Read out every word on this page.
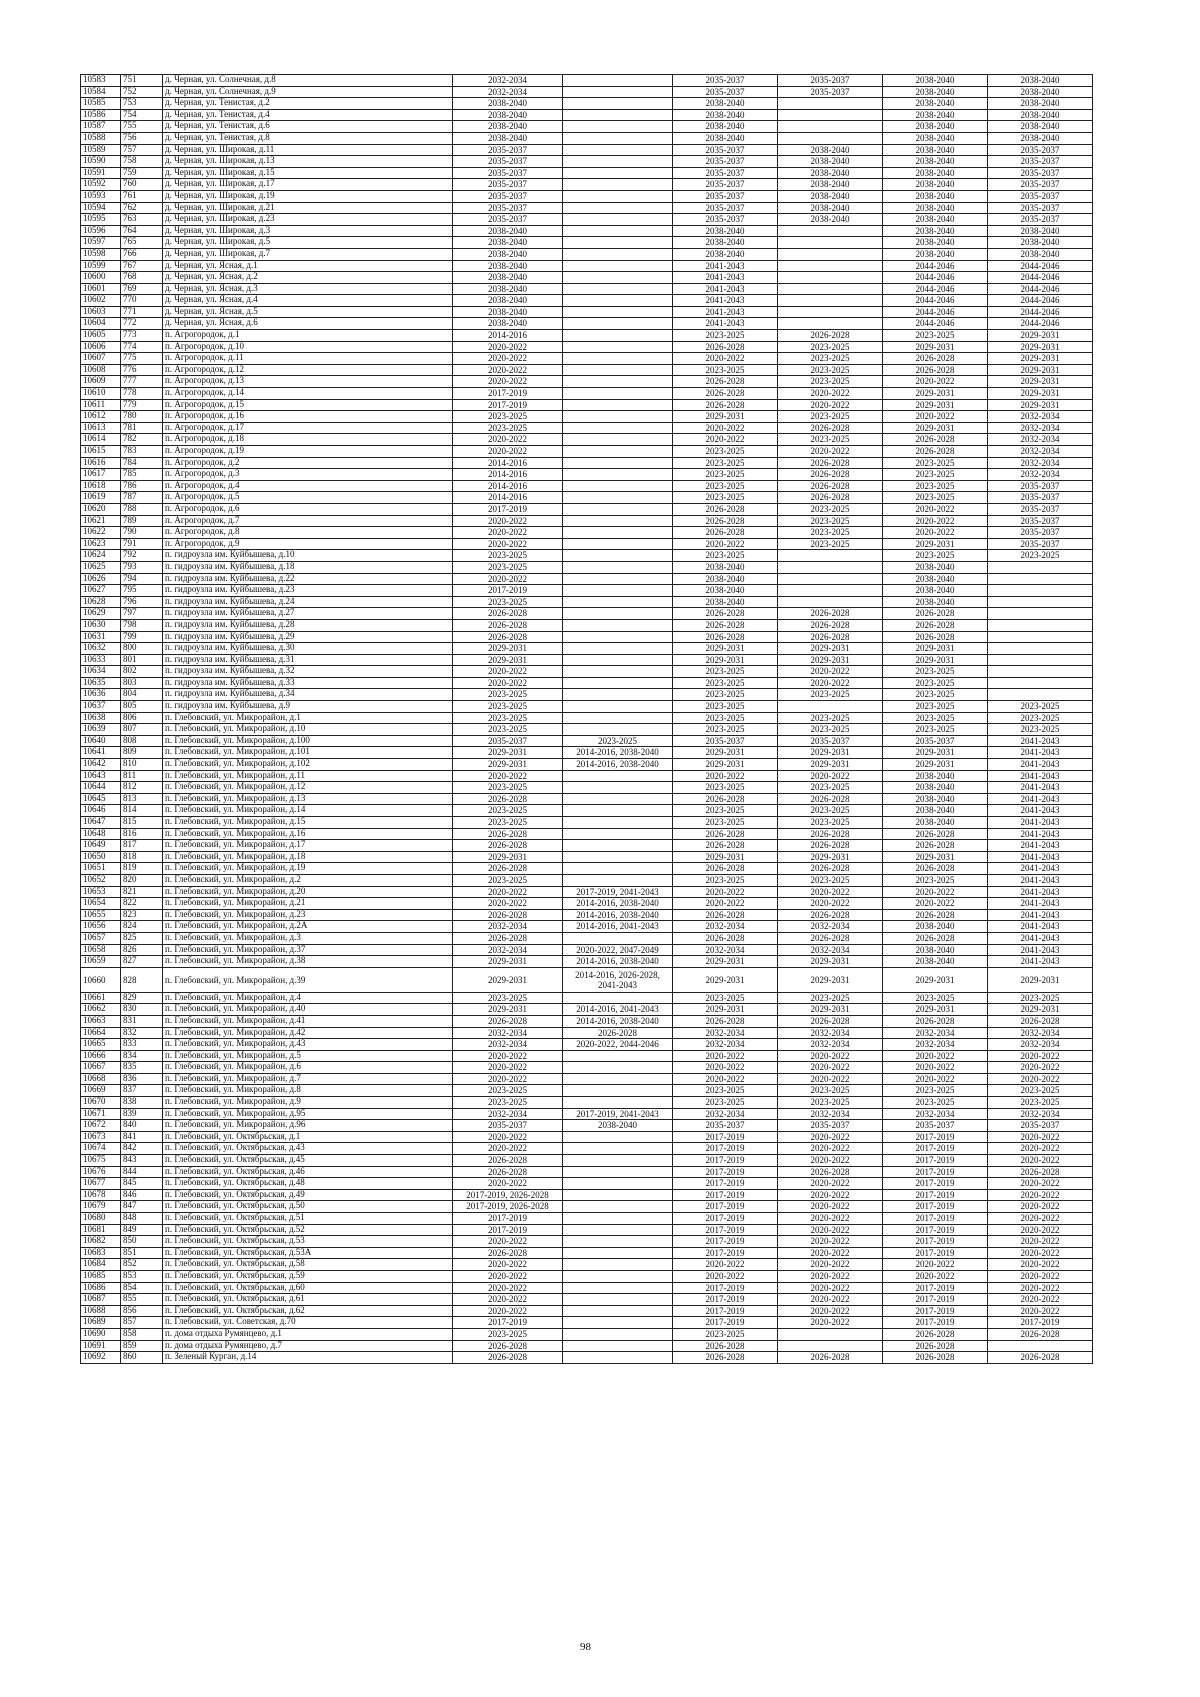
10583	751	д. Черная, ул. Солнечная, д.8	2032-2034		2035-2037	2035-2037	2038-2040	2038-2040
10584	752	д. Черная, ул. Солнечная, д.9	2032-2034		2035-2037	2035-2037	2038-2040	2038-2040
10585	753	д. Черная, ул. Тенистая, д.2	2038-2040		2038-2040		2038-2040	2038-2040
10586	754	д. Черная, ул. Тенистая, д.4	2038-2040		2038-2040		2038-2040	2038-2040
10587	755	д. Черная, ул. Тенистая, д.6	2038-2040		2038-2040		2038-2040	2038-2040
10588	756	д. Черная, ул. Тенистая, д.8	2038-2040		2038-2040		2038-2040	2038-2040
10589	757	д. Черная, ул. Широкая, д.11	2035-2037		2035-2037	2038-2040	2038-2040	2035-2037
10590	758	д. Черная, ул. Широкая, д.13	2035-2037		2035-2037	2038-2040	2038-2040	2035-2037
10591	759	д. Черная, ул. Широкая, д.15	2035-2037		2035-2037	2038-2040	2038-2040	2035-2037
10592	760	д. Черная, ул. Широкая, д.17	2035-2037		2035-2037	2038-2040	2038-2040	2035-2037
10593	761	д. Черная, ул. Широкая, д.19	2035-2037		2035-2037	2038-2040	2038-2040	2035-2037
10594	762	д. Черная, ул. Широкая, д.21	2035-2037		2035-2037	2038-2040	2038-2040	2035-2037
10595	763	д. Черная, ул. Широкая, д.23	2035-2037		2035-2037	2038-2040	2038-2040	2035-2037
10596	764	д. Черная, ул. Широкая, д.3	2038-2040		2038-2040		2038-2040	2038-2040
10597	765	д. Черная, ул. Широкая, д.5	2038-2040		2038-2040		2038-2040	2038-2040
10598	766	д. Черная, ул. Широкая, д.7	2038-2040		2038-2040		2038-2040	2038-2040
10599	767	д. Черная, ул. Ясная, д.1	2038-2040		2041-2043		2044-2046	2044-2046
10600	768	д. Черная, ул. Ясная, д.2	2038-2040		2041-2043		2044-2046	2044-2046
10601	769	д. Черная, ул. Ясная, д.3	2038-2040		2041-2043		2044-2046	2044-2046
10602	770	д. Черная, ул. Ясная, д.4	2038-2040		2041-2043		2044-2046	2044-2046
10603	771	д. Черная, ул. Ясная, д.5	2038-2040		2041-2043		2044-2046	2044-2046
10604	772	д. Черная, ул. Ясная, д.6	2038-2040		2041-2043		2044-2046	2044-2046
10605	773	п. Агрогородок, д.1	2014-2016		2023-2025	2026-2028	2023-2025	2029-2031
10606	774	п. Агрогородок, д.10	2020-2022		2026-2028	2023-2025	2029-2031	2029-2031
10607	775	п. Агрогородок, д.11	2020-2022		2020-2022	2023-2025	2026-2028	2029-2031
10608	776	п. Агрогородок, д.12	2020-2022		2023-2025	2023-2025	2026-2028	2029-2031
10609	777	п. Агрогородок, д.13	2020-2022		2026-2028	2023-2025	2020-2022	2029-2031
10610	778	п. Агрогородок, д.14	2017-2019		2026-2028	2020-2022	2029-2031	2029-2031
10611	779	п. Агрогородок, д.15	2017-2019		2026-2028	2020-2022	2029-2031	2029-2031
10612	780	п. Агрогородок, д.16	2023-2025		2029-2031	2023-2025	2020-2022	2032-2034
10613	781	п. Агрогородок, д.17	2023-2025		2020-2022	2026-2028	2029-2031	2032-2034
10614	782	п. Агрогородок, д.18	2020-2022		2020-2022	2023-2025	2026-2028	2032-2034
10615	783	п. Агрогородок, д.19	2020-2022		2023-2025	2020-2022	2026-2028	2032-2034
10616	784	п. Агрогородок, д.2	2014-2016		2023-2025	2026-2028	2023-2025	2032-2034
10617	785	п. Агрогородок, д.3	2014-2016		2023-2025	2026-2028	2023-2025	2032-2034
10618	786	п. Агрогородок, д.4	2014-2016		2023-2025	2026-2028	2023-2025	2035-2037
10619	787	п. Агрогородок, д.5	2014-2016		2023-2025	2026-2028	2023-2025	2035-2037
10620	788	п. Агрогородок, д.6	2017-2019		2026-2028	2023-2025	2020-2022	2035-2037
10621	789	п. Агрогородок, д.7	2020-2022		2026-2028	2023-2025	2020-2022	2035-2037
10622	790	п. Агрогородок, д.8	2020-2022		2026-2028	2023-2025	2020-2022	2035-2037
10623	791	п. Агрогородок, д.9	2020-2022		2020-2022	2023-2025	2029-2031	2035-2037
10624	792	п. гидроузла им. Куйбышева, д.10	2023-2025		2023-2025		2023-2025	2023-2025
10625	793	п. гидроузла им. Куйбышева, д.18	2023-2025		2038-2040		2038-2040	
10626	794	п. гидроузла им. Куйбышева, д.22	2020-2022		2038-2040		2038-2040	
10627	795	п. гидроузла им. Куйбышева, д.23	2017-2019		2038-2040		2038-2040	
10628	796	п. гидроузла им. Куйбышева, д.24	2023-2025		2038-2040		2038-2040	
10629	797	п. гидроузла им. Куйбышева, д.27	2026-2028		2026-2028	2026-2028	2026-2028	
10630	798	п. гидроузла им. Куйбышева, д.28	2026-2028		2026-2028	2026-2028	2026-2028	
10631	799	п. гидроузла им. Куйбышева, д.29	2026-2028		2026-2028	2026-2028	2026-2028	
10632	800	п. гидроузла им. Куйбышева, д.30	2029-2031		2029-2031	2029-2031	2029-2031	
10633	801	п. гидроузла им. Куйбышева, д.31	2029-2031		2029-2031	2029-2031	2029-2031	
10634	802	п. гидроузла им. Куйбышева, д.32	2020-2022		2023-2025	2020-2022	2023-2025	
10635	803	п. гидроузла им. Куйбышева, д.33	2020-2022		2023-2025	2020-2022	2023-2025	
10636	804	п. гидроузла им. Куйбышева, д.34	2023-2025		2023-2025	2023-2025	2023-2025	
10637	805	п. гидроузла им. Куйбышева, д.9	2023-2025		2023-2025		2023-2025	2023-2025
10638	806	п. Глебовский, ул. Микрорайон, д.1	2023-2025		2023-2025	2023-2025	2023-2025	2023-2025
10639	807	п. Глебовский, ул. Микрорайон, д.10	2023-2025		2023-2025	2023-2025	2023-2025	2023-2025
10640	808	п. Глебовский, ул. Микрорайон, д.100	2035-2037	2023-2025	2035-2037	2035-2037	2035-2037	2041-2043
10641	809	п. Глебовский, ул. Микрорайон, д.101	2029-2031	2014-2016, 2038-2040	2029-2031	2029-2031	2029-2031	2041-2043
10642	810	п. Глебовский, ул. Микрорайон, д.102	2029-2031	2014-2016, 2038-2040	2029-2031	2029-2031	2029-2031	2041-2043
10643	811	п. Глебовский, ул. Микрорайон, д.11	2020-2022		2020-2022	2020-2022	2038-2040	2041-2043
10644	812	п. Глебовский, ул. Микрорайон, д.12	2023-2025		2023-2025	2023-2025	2038-2040	2041-2043
10645	813	п. Глебовский, ул. Микрорайон, д.13	2026-2028		2026-2028	2026-2028	2038-2040	2041-2043
10646	814	п. Глебовский, ул. Микрорайон, д.14	2023-2025		2023-2025	2023-2025	2038-2040	2041-2043
10647	815	п. Глебовский, ул. Микрорайон, д.15	2023-2025		2023-2025	2023-2025	2038-2040	2041-2043
10648	816	п. Глебовский, ул. Микрорайон, д.16	2026-2028		2026-2028	2026-2028	2026-2028	2041-2043
10649	817	п. Глебовский, ул. Микрорайон, д.17	2026-2028		2026-2028	2026-2028	2026-2028	2041-2043
10650	818	п. Глебовский, ул. Микрорайон, д.18	2029-2031		2029-2031	2029-2031	2029-2031	2041-2043
10651	819	п. Глебовский, ул. Микрорайон, д.19	2026-2028		2026-2028	2026-2028	2026-2028	2041-2043
10652	820	п. Глебовский, ул. Микрорайон, д.2	2023-2025		2023-2025	2023-2025	2023-2025	2041-2043
10653	821	п. Глебовский, ул. Микрорайон, д.20	2020-2022	2017-2019, 2041-2043	2020-2022	2020-2022	2020-2022	2041-2043
10654	822	п. Глебовский, ул. Микрорайон, д.21	2020-2022	2014-2016, 2038-2040	2020-2022	2020-2022	2020-2022	2041-2043
10655	823	п. Глебовский, ул. Микрорайон, д.23	2026-2028	2014-2016, 2038-2040	2026-2028	2026-2028	2026-2028	2041-2043
10656	824	п. Глебовский, ул. Микрорайон, д.2А	2032-2034	2014-2016, 2041-2043	2032-2034	2032-2034	2038-2040	2041-2043
10657	825	п. Глебовский, ул. Микрорайон, д.3	2026-2028		2026-2028	2026-2028	2026-2028	2041-2043
10658	826	п. Глебовский, ул. Микрорайон, д.37	2032-2034	2020-2022, 2047-2049	2032-2034	2032-2034	2038-2040	2041-2043
10659	827	п. Глебовский, ул. Микрорайон, д.38	2029-2031	2014-2016, 2038-2040	2029-2031	2029-2031	2038-2040	2041-2043
10660	828	п. Глебовский, ул. Микрорайон, д.39	2029-2031	2014-2016, 2026-2028, 2041-2043	2029-2031	2029-2031	2029-2031	2029-2031
10661	829	п. Глебовский, ул. Микрорайон, д.4	2023-2025		2023-2025	2023-2025	2023-2025	2023-2025
10662	830	п. Глебовский, ул. Микрорайон, д.40	2029-2031	2014-2016, 2041-2043	2029-2031	2029-2031	2029-2031	2029-2031
10663	831	п. Глебовский, ул. Микрорайон, д.41	2026-2028	2014-2016, 2038-2040	2026-2028	2026-2028	2026-2028	2026-2028
10664	832	п. Глебовский, ул. Микрорайон, д.42	2032-2034	2026-2028	2032-2034	2032-2034	2032-2034	2032-2034
10665	833	п. Глебовский, ул. Микрорайон, д.43	2032-2034	2020-2022, 2044-2046	2032-2034	2032-2034	2032-2034	2032-2034
10666	834	п. Глебовский, ул. Микрорайон, д.5	2020-2022		2020-2022	2020-2022	2020-2022	2020-2022
10667	835	п. Глебовский, ул. Микрорайон, д.6	2020-2022		2020-2022	2020-2022	2020-2022	2020-2022
10668	836	п. Глебовский, ул. Микрорайон, д.7	2020-2022		2020-2022	2020-2022	2020-2022	2020-2022
10669	837	п. Глебовский, ул. Микрорайон, д.8	2023-2025		2023-2025	2023-2025	2023-2025	2023-2025
10670	838	п. Глебовский, ул. Микрорайон, д.9	2023-2025		2023-2025	2023-2025	2023-2025	2023-2025
10671	839	п. Глебовский, ул. Микрорайон, д.95	2032-2034	2017-2019, 2041-2043	2032-2034	2032-2034	2032-2034	2032-2034
10672	840	п. Глебовский, ул. Микрорайон, д.96	2035-2037	2038-2040	2035-2037	2035-2037	2035-2037	2035-2037
10673	841	п. Глебовский, ул. Октябрьская, д.1	2020-2022		2017-2019	2020-2022	2017-2019	2020-2022
10674	842	п. Глебовский, ул. Октябрьская, д.43	2020-2022		2017-2019	2020-2022	2017-2019	2020-2022
10675	843	п. Глебовский, ул. Октябрьская, д.45	2026-2028		2017-2019	2020-2022	2017-2019	2020-2022
10676	844	п. Глебовский, ул. Октябрьская, д.46	2026-2028		2017-2019	2026-2028	2017-2019	2026-2028
10677	845	п. Глебовский, ул. Октябрьская, д.48	2020-2022		2017-2019	2020-2022	2017-2019	2020-2022
10678	846	п. Глебовский, ул. Октябрьская, д.49	2017-2019, 2026-2028		2017-2019	2020-2022	2017-2019	2020-2022
10679	847	п. Глебовский, ул. Октябрьская, д.50	2017-2019, 2026-2028		2017-2019	2020-2022	2017-2019	2020-2022
10680	848	п. Глебовский, ул. Октябрьская, д.51	2017-2019		2017-2019	2020-2022	2017-2019	2020-2022
10681	849	п. Глебовский, ул. Октябрьская, д.52	2017-2019		2017-2019	2020-2022	2017-2019	2020-2022
10682	850	п. Глебовский, ул. Октябрьская, д.53	2020-2022		2017-2019	2020-2022	2017-2019	2020-2022
10683	851	п. Глебовский, ул. Октябрьская, д.53А	2026-2028		2017-2019	2020-2022	2017-2019	2020-2022
10684	852	п. Глебовский, ул. Октябрьская, д.58	2020-2022		2020-2022	2020-2022	2020-2022	2020-2022
10685	853	п. Глебовский, ул. Октябрьская, д.59	2020-2022		2020-2022	2020-2022	2020-2022	2020-2022
10686	854	п. Глебовский, ул. Октябрьская, д.60	2020-2022		2017-2019	2020-2022	2017-2019	2020-2022
10687	855	п. Глебовский, ул. Октябрьская, д.61	2020-2022		2017-2019	2020-2022	2017-2019	2020-2022
10688	856	п. Глебовский, ул. Октябрьская, д.62	2020-2022		2017-2019	2020-2022	2017-2019	2020-2022
10689	857	п. Глебовский, ул. Советская, д.70	2017-2019		2017-2019	2020-2022	2017-2019	2017-2019
10690	858	п. дома отдыха Румянцево, д.1	2023-2025		2023-2025		2026-2028	2026-2028
10691	859	п. дома отдыха Румянцево, д.7	2026-2028		2026-2028		2026-2028	
10692	860	п. Зеленый Курган, д.14	2026-2028		2026-2028	2026-2028	2026-2028	2026-2028
98
